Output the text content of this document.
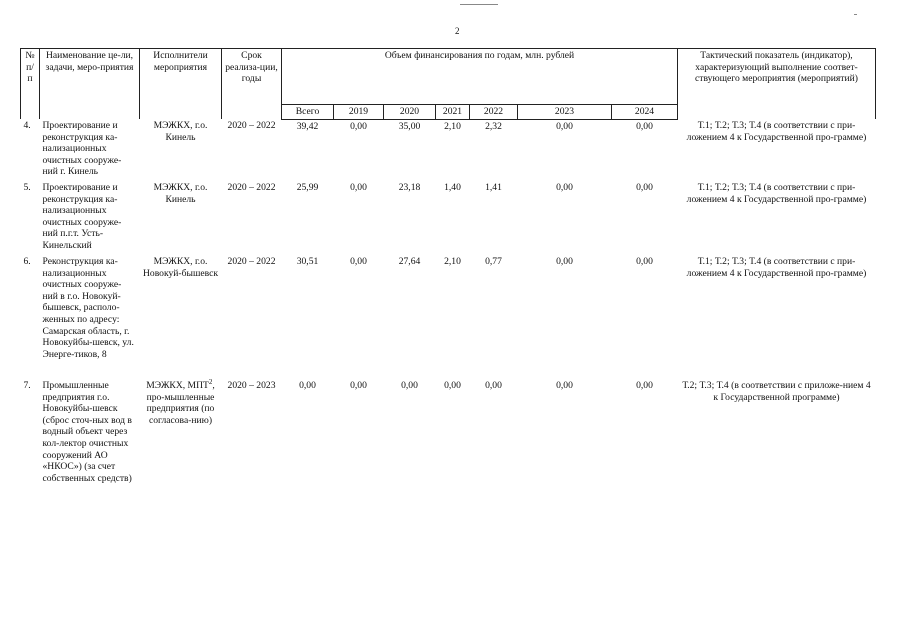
2
№ п/п	Наименование це-ли, задачи, меро-приятия	Исполнители мероприятия	Срок реализа-ции, годы	Объем финансирования по годам, млн. рублей							Тактический показатель (индикатор), характеризующий выполнение соответ-ствующего мероприятия (мероприятий)
				Всего	2019	2020	2021	2022	2023	2024	
4.	Проектирование и реконструкция ка-нализационных очистных сооруже-ний г. Кинель	МЭЖКХ, г.о. Кинель	2020 – 2022	39,42	0,00	35,00	2,10	2,32	0,00	0,00	Т.1; Т.2; Т.3; Т.4 (в соответствии с при-ложением 4 к Государственной про-грамме)
5.	Проектирование и реконструкция ка-нализационных очистных сооруже-ний п.г.т. Усть-Кинельский	МЭЖКХ, г.о. Кинель	2020 – 2022	25,99	0,00	23,18	1,40	1,41	0,00	0,00	Т.1; Т.2; Т.3; Т.4 (в соответствии с при-ложением 4 к Государственной про-грамме)
6.	Реконструкция ка-нализационных очистных сооруже-ний в г.о. Новокуй-бышевск, располо-женных по адресу: Самарская область, г. Новокуйбы-шевск, ул. Энерге-тиков, 8	МЭЖКХ, г.о. Новокуй-бышевск	2020 – 2022	30,51	0,00	27,64	2,10	0,77	0,00	0,00	Т.1; Т.2; Т.3; Т.4 (в соответствии с при-ложением 4 к Государственной про-грамме)
7.	Промышленные предприятия г.о. Новокуйбы-шевск (сброс сточ-ных вод в водный объект через кол-лектор очистных сооружений АО «НКОС») (за счет собственных средств)	МЭЖКХ, МПТ$^2$, про-мышленные предприятия (по согласова-нию)	2020 – 2023	0,00	0,00	0,00	0,00	0,00	0,00	0,00	Т.2; Т.3; Т.4 (в соответствии с приложе-нием 4 к Государственной программе)
